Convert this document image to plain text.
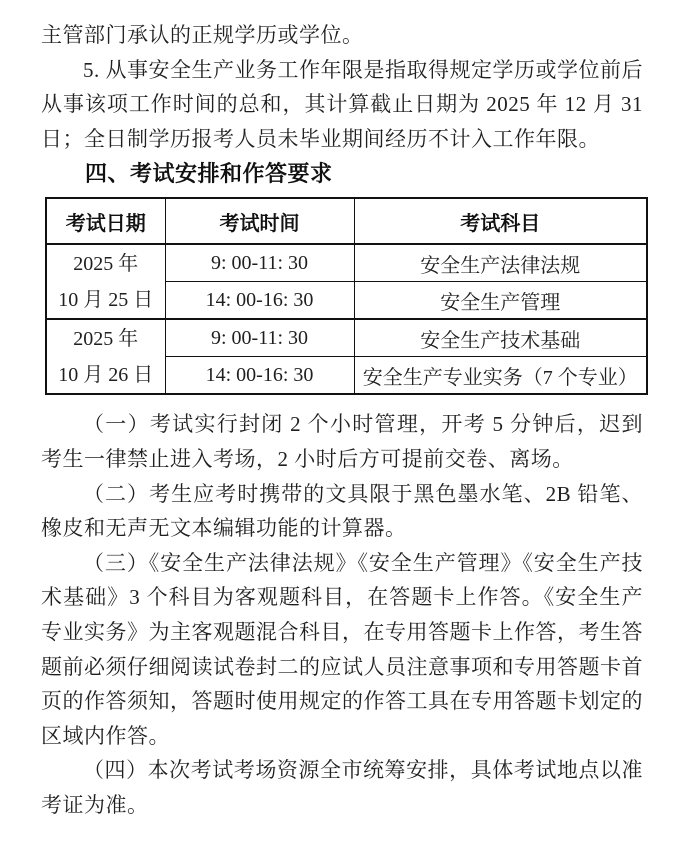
主管部门承认的正规学历或学位。

5. 从事安全生产业务工作年限是指取得规定学历或学位前后从事该项工作时间的总和，其计算截止日期为 2025 年 12 月 31 日；全日制学历报考人员未毕业期间经历不计入工作年限。

四、考试安排和作答要求
考试日期	考试时间	考试科目

2025 年
10 月 25 日	9: 00-11: 30	安全生产法律法规
	14: 00-16: 30	安全生产管理

2025 年
10 月 26 日	9: 00-11: 30	安全生产技术基础
	14: 00-16: 30	安全生产专业实务（7 个专业）

（一）考试实行封闭 2 个小时管理，开考 5 分钟后，迟到考生一律禁止进入考场，2 小时后方可提前交卷、离场。

（二）考生应考时携带的文具限于黑色墨水笔、2B 铅笔、橡皮和无声无文本编辑功能的计算器。

（三）《安全生产法律法规》《安全生产管理》《安全生产技术基础》3 个科目为客观题科目，在答题卡上作答。《安全生产专业实务》为主客观题混合科目，在专用答题卡上作答，考生答题前必须仔细阅读试卷封二的应试人员注意事项和专用答题卡首页的作答须知，答题时使用规定的作答工具在专用答题卡划定的区域内作答。

（四）本次考试考场资源全市统筹安排，具体考试地点以准考证为准。
